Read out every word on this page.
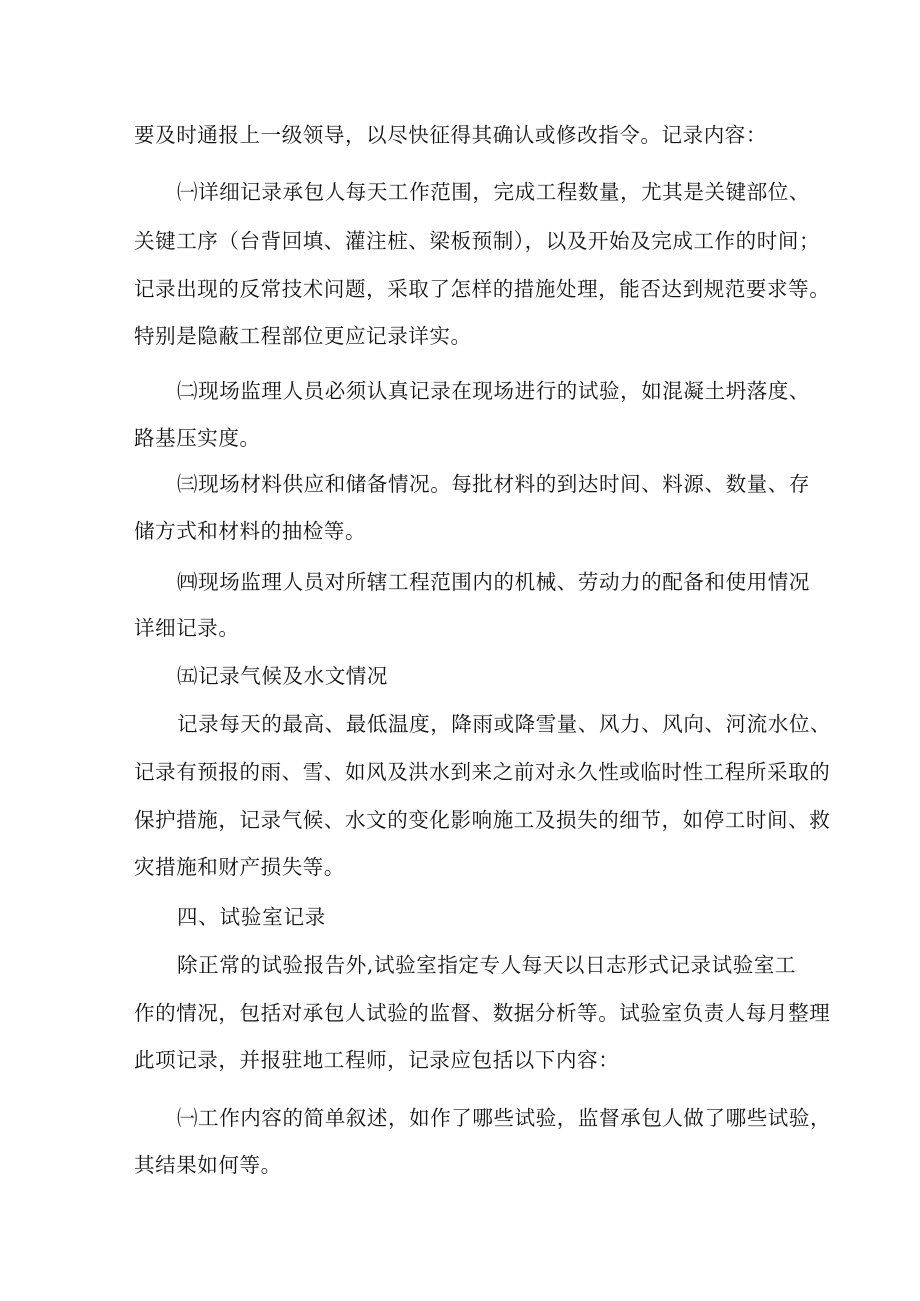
要及时通报上一级领导，以尽快征得其确认或修改指令。记录内容：
㈠详细记录承包人每天工作范围，完成工程数量，尤其是关键部位、
关键工序（台背回填、灌注桩、梁板预制），以及开始及完成工作的时间；
记录出现的反常技术问题，采取了怎样的措施处理，能否达到规范要求等。
特别是隐蔽工程部位更应记录详实。
㈡现场监理人员必须认真记录在现场进行的试验，如混凝土坍落度、
路基压实度。
㈢现场材料供应和储备情况。每批材料的到达时间、料源、数量、存
储方式和材料的抽检等。
㈣现场监理人员对所辖工程范围内的机械、劳动力的配备和使用情况
详细记录。
㈤记录气候及水文情况
记录每天的最高、最低温度，降雨或降雪量、风力、风向、河流水位、
记录有预报的雨、雪、如风及洪水到来之前对永久性或临时性工程所采取的
保护措施，记录气候、水文的变化影响施工及损失的细节，如停工时间、救
灾措施和财产损失等。
四、试验室记录
除正常的试验报告外,试验室指定专人每天以日志形式记录试验室工
作的情况，包括对承包人试验的监督、数据分析等。试验室负责人每月整理
此项记录，并报驻地工程师，记录应包括以下内容：
㈠工作内容的简单叙述，如作了哪些试验，监督承包人做了哪些试验，
其结果如何等。
